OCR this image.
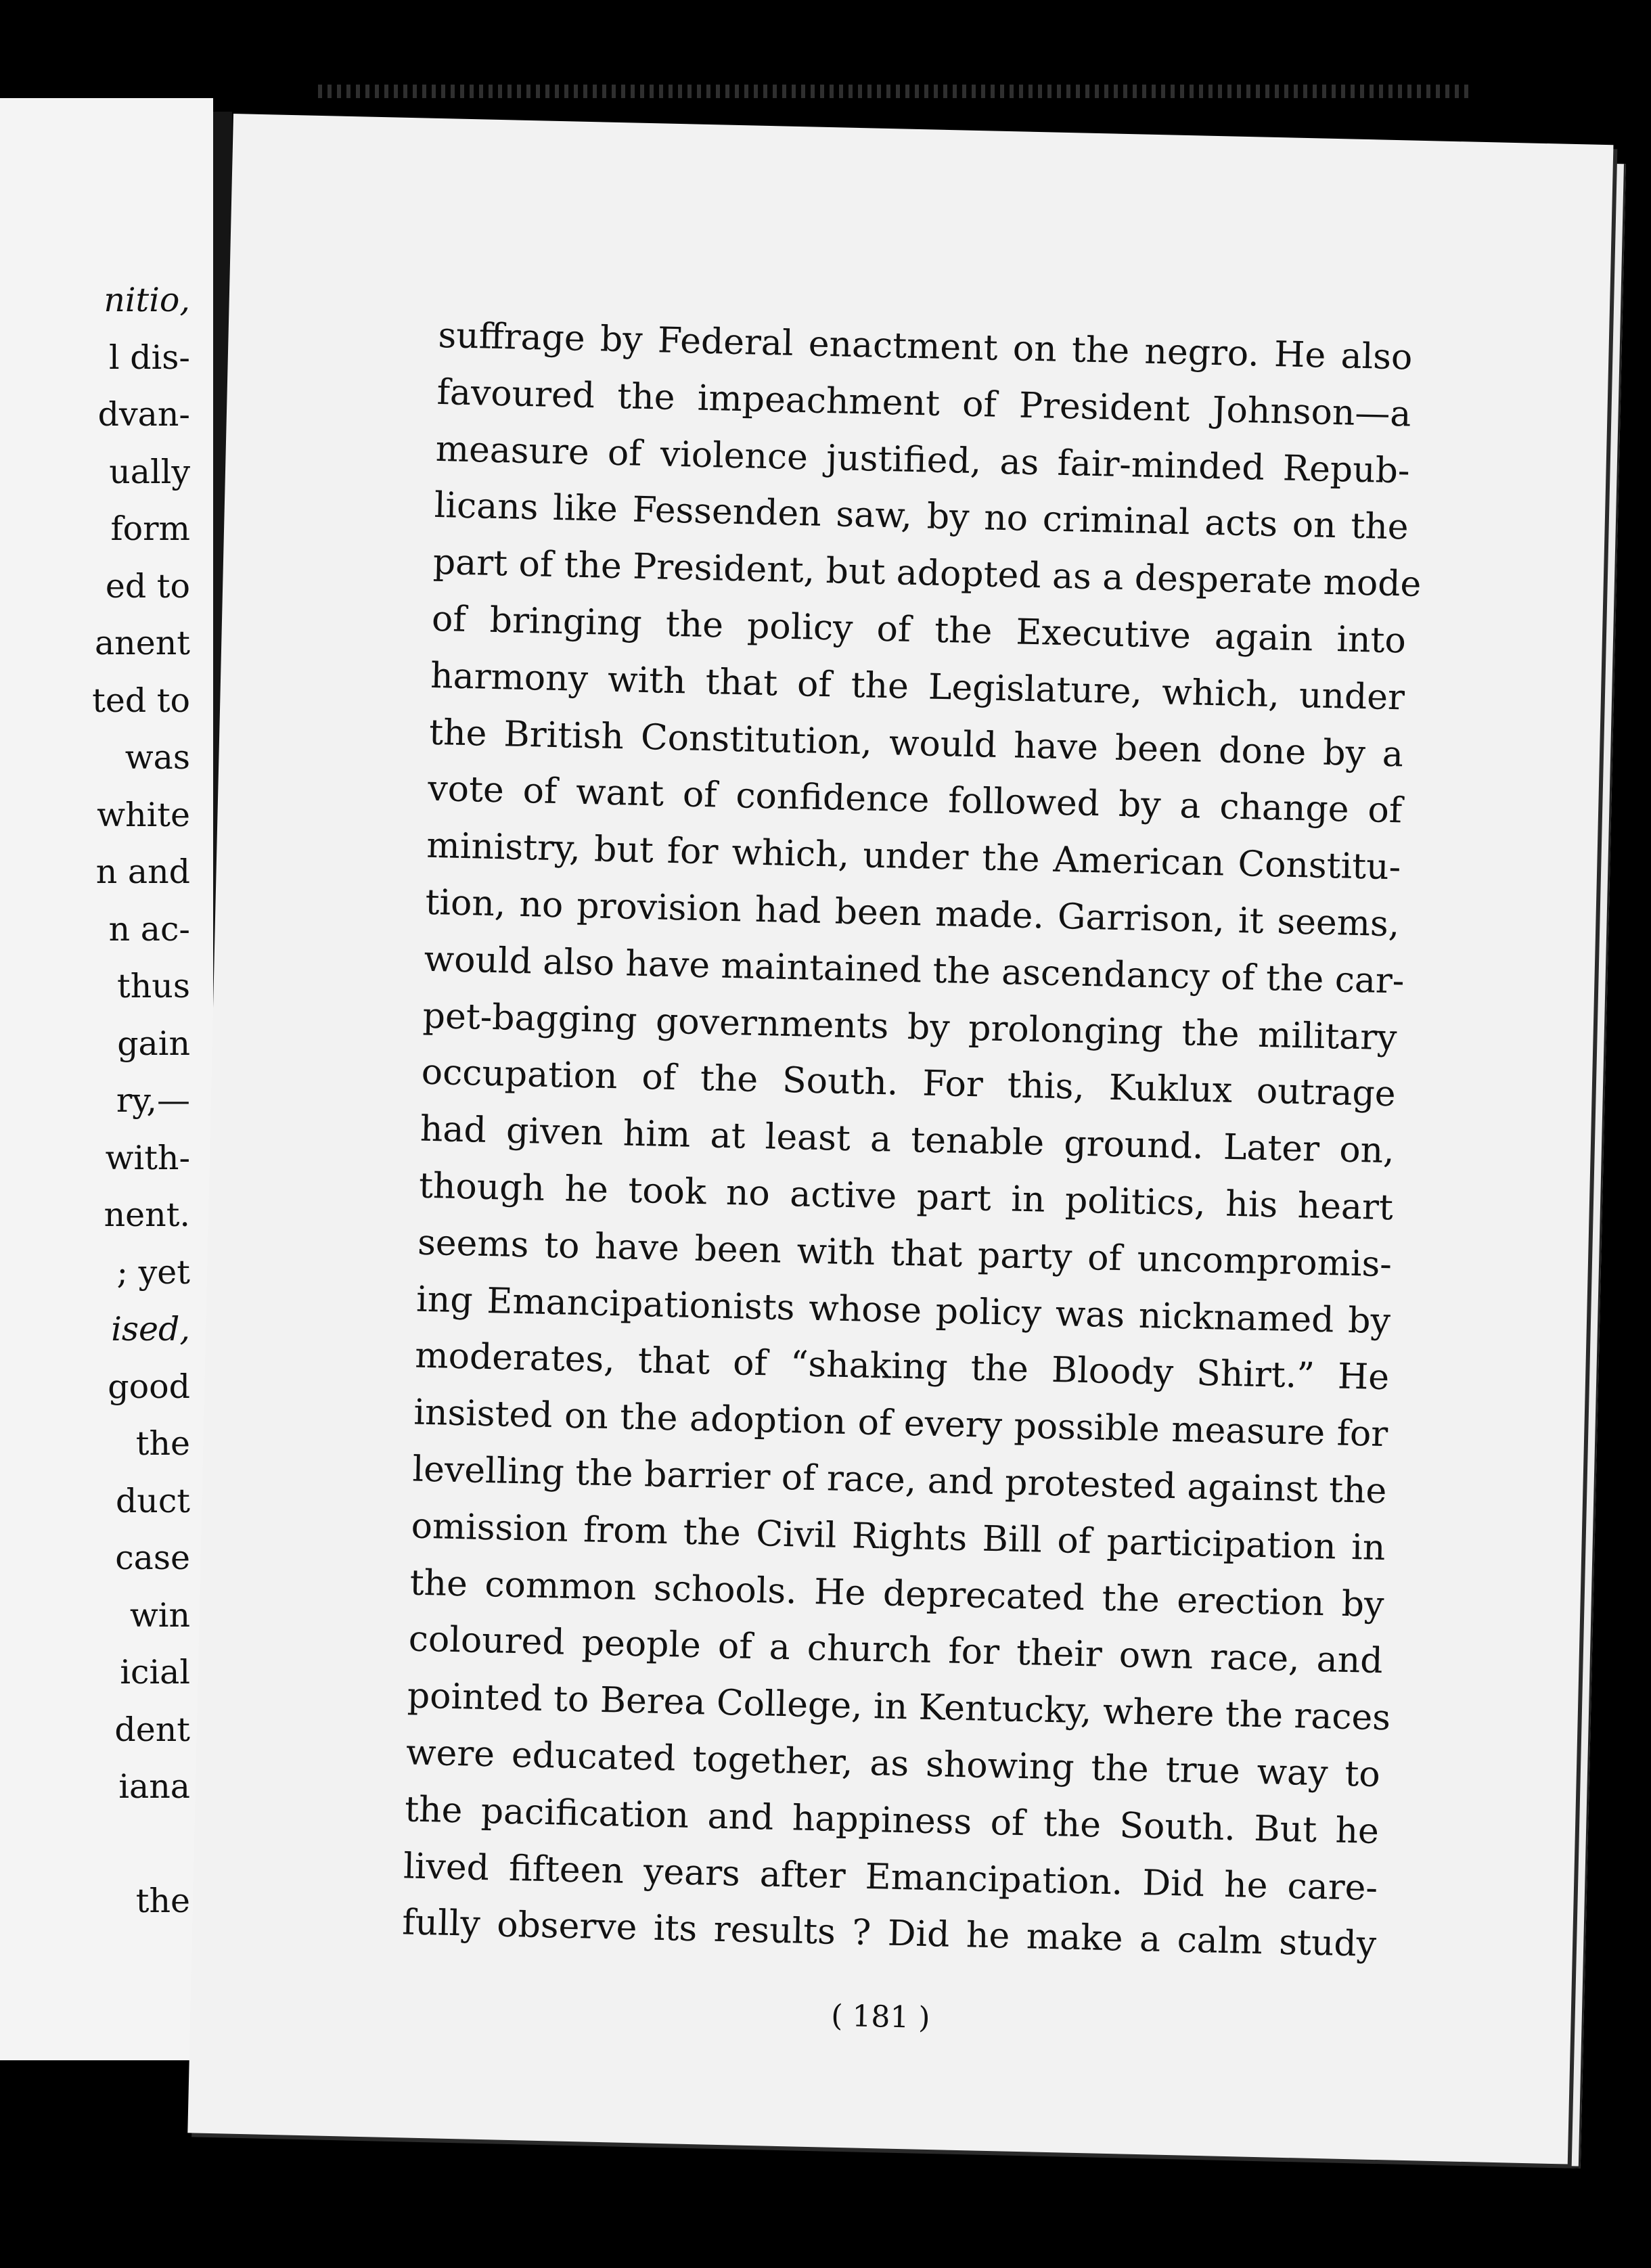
nitio,
l dis-
dvan-
ually
form
ed to
anent
ted to
was
white
n and
n ac-
thus
gain
ry,—
with-
nent.
; yet
ised,
good
the
duct
case
win
icial
dent
iana
the
suffrage by Federal enactment on the negro. He also
favoured the impeachment of President Johnson—a
measure of violence justified, as fair-minded Repub-
licans like Fessenden saw, by no criminal acts on the
part of the President, but adopted as a desperate mode
of bringing the policy of the Executive again into
harmony with that of the Legislature, which, under
the British Constitution, would have been done by a
vote of want of confidence followed by a change of
ministry, but for which, under the American Constitu-
tion, no provision had been made. Garrison, it seems,
would also have maintained the ascendancy of the car-
pet-bagging governments by prolonging the military
occupation of the South. For this, Kuklux outrage
had given him at least a tenable ground. Later on,
though he took no active part in politics, his heart
seems to have been with that party of uncompromis-
ing Emancipationists whose policy was nicknamed by
moderates, that of “shaking the Bloody Shirt.” He
insisted on the adoption of every possible measure for
levelling the barrier of race, and protested against the
omission from the Civil Rights Bill of participation in
the common schools. He deprecated the erection by
coloured people of a church for their own race, and
pointed to Berea College, in Kentucky, where the races
were educated together, as showing the true way to
the pacification and happiness of the South. But he
lived fifteen years after Emancipation. Did he care-
fully observe its results ? Did he make a calm study
( 181 )
